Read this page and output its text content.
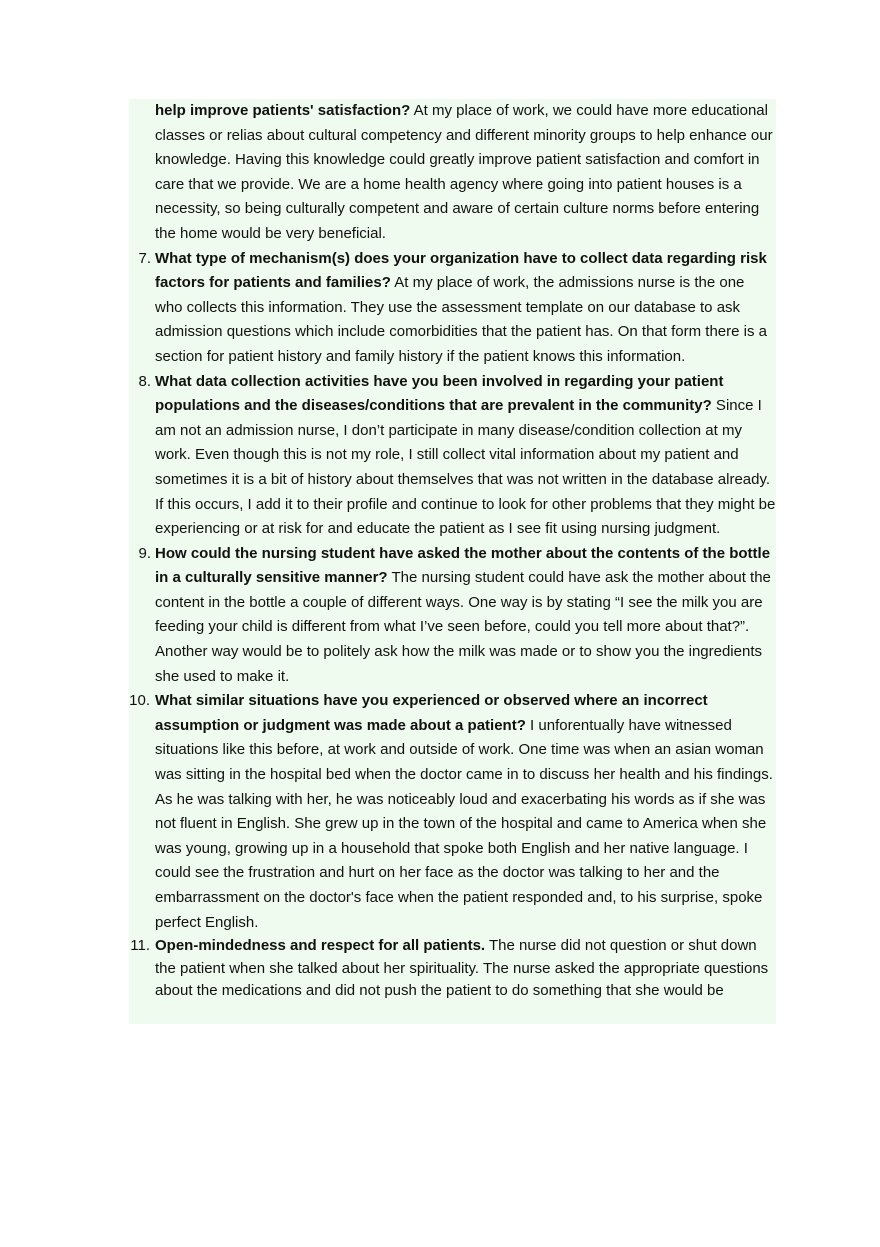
help improve patients' satisfaction? At my place of work, we could have more educational classes or relias about cultural competency and different minority groups to help enhance our knowledge. Having this knowledge could greatly improve patient satisfaction and comfort in care that we provide. We are a home health agency where going into patient houses is a necessity, so being culturally competent and aware of certain culture norms before entering the home would be very beneficial.
7. What type of mechanism(s) does your organization have to collect data regarding risk factors for patients and families? At my place of work, the admissions nurse is the one who collects this information. They use the assessment template on our database to ask admission questions which include comorbidities that the patient has. On that form there is a section for patient history and family history if the patient knows this information.
8. What data collection activities have you been involved in regarding your patient populations and the diseases/conditions that are prevalent in the community? Since I am not an admission nurse, I don’t participate in many disease/condition collection at my work. Even though this is not my role, I still collect vital information about my patient and sometimes it is a bit of history about themselves that was not written in the database already. If this occurs, I add it to their profile and continue to look for other problems that they might be experiencing or at risk for and educate the patient as I see fit using nursing judgment.
9. How could the nursing student have asked the mother about the contents of the bottle in a culturally sensitive manner? The nursing student could have ask the mother about the content in the bottle a couple of different ways. One way is by stating “I see the milk you are feeding your child is different from what I’ve seen before, could you tell more about that?”. Another way would be to politely ask how the milk was made or to show you the ingredients she used to make it.
10. What similar situations have you experienced or observed where an incorrect assumption or judgment was made about a patient? I unforentually have witnessed situations like this before, at work and outside of work. One time was when an asian woman was sitting in the hospital bed when the doctor came in to discuss her health and his findings. As he was talking with her, he was noticeably loud and exacerbating his words as if she was not fluent in English. She grew up in the town of the hospital and came to America when she was young, growing up in a household that spoke both English and her native language. I could see the frustration and hurt on her face as the doctor was talking to her and the embarrassment on the doctor's face when the patient responded and, to his surprise, spoke perfect English.
11. Open-mindedness and respect for all patients. The nurse did not question or shut down the patient when she talked about her spirituality. The nurse asked the appropriate questions about the medications and did not push the patient to do something that she would be
